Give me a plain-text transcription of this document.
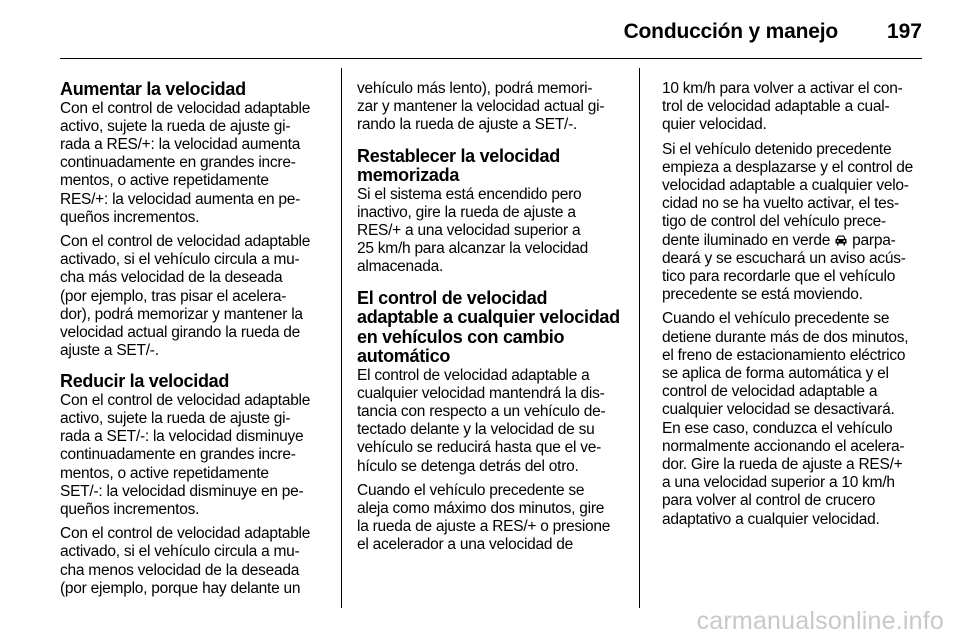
Conducción y manejo 197
Aumentar la velocidad

Con el control de velocidad adaptable
activo, sujete la rueda de ajuste gi-
rada a RES/+: la velocidad aumenta
continuadamente en grandes incre-
mentos, o active repetidamente
RES/+: la velocidad aumenta en pe-
queños incrementos.

Con el control de velocidad adaptable
activado, si el vehículo circula a mu-
cha más velocidad de la deseada
(por ejemplo, tras pisar el acelera-
dor), podrá memorizar y mantener la
velocidad actual girando la rueda de
ajuste a SET/-.

Reducir la velocidad

Con el control de velocidad adaptable
activo, sujete la rueda de ajuste gi-
rada a SET/-: la velocidad disminuye
continuadamente en grandes incre-
mentos, o active repetidamente
SET/-: la velocidad disminuye en pe-
queños incrementos.

Con el control de velocidad adaptable
activado, si el vehículo circula a mu-
cha menos velocidad de la deseada
(por ejemplo, porque hay delante un

vehículo más lento), podrá memori-
zar y mantener la velocidad actual gi-
rando la rueda de ajuste a SET/-.

Restablecer la velocidad
memorizada

Si el sistema está encendido pero
inactivo, gire la rueda de ajuste a
RES/+ a una velocidad superior a
25 km/h para alcanzar la velocidad
almacenada.

El control de velocidad
adaptable a cualquier velocidad
en vehículos con cambio
automático

El control de velocidad adaptable a
cualquier velocidad mantendrá la dis-
tancia con respecto a un vehículo de-
tectado delante y la velocidad de su
vehículo se reducirá hasta que el ve-
hículo se detenga detrás del otro.

Cuando el vehículo precedente se
aleja como máximo dos minutos, gire
la rueda de ajuste a RES/+ o presione
el acelerador a una velocidad de

10 km/h para volver a activar el con-
trol de velocidad adaptable a cual-
quier velocidad.

Si el vehículo detenido precedente
empieza a desplazarse y el control de
velocidad adaptable a cualquier velo-
cidad no se ha vuelto activar, el tes-
tigo de control del vehículo prece-
dente iluminado en verde  parpa-
deará y se escuchará un aviso acús-
tico para recordarle que el vehículo
precedente se está moviendo.

Cuando el vehículo precedente se
detiene durante más de dos minutos,
el freno de estacionamiento eléctrico
se aplica de forma automática y el
control de velocidad adaptable a
cualquier velocidad se desactivará.
En ese caso, conduzca el vehículo
normalmente accionando el acelera-
dor. Gire la rueda de ajuste a RES/+
a una velocidad superior a 10 km/h
para volver al control de crucero
adaptativo a cualquier velocidad.

carmanualsonline.info
